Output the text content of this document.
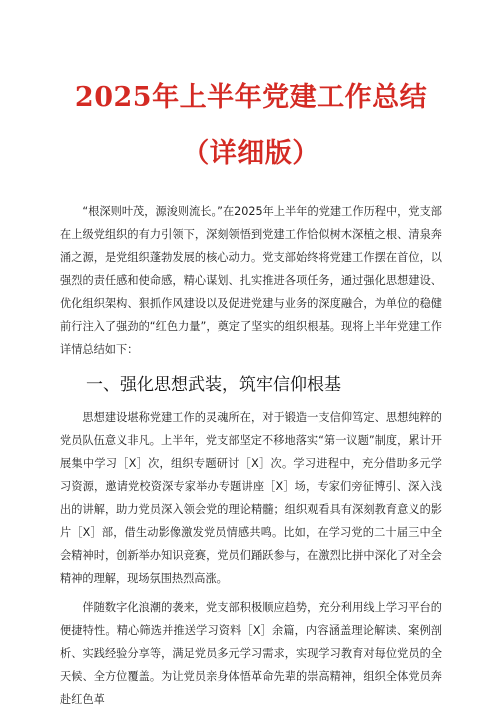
2025年上半年党建工作总结（详细版）

“根深则叶茂，源浚则流长。”在2025年上半年的党建工作历程中，党支部在上级党组织的有力引领下，深刻领悟到党建工作恰似树木深植之根、清泉奔涌之源，是党组织蓬勃发展的核心动力。党支部始终将党建工作摆在首位，以强烈的责任感和使命感，精心谋划、扎实推进各项任务，通过强化思想建设、优化组织架构、狠抓作风建设以及促进党建与业务的深度融合，为单位的稳健前行注入了强劲的“红色力量”，奠定了坚实的组织根基。现将上半年党建工作详情总结如下：

一、强化思想武装，筑牢信仰根基

思想建设堪称党建工作的灵魂所在，对于锻造一支信仰笃定、思想纯粹的党员队伍意义非凡。上半年，党支部坚定不移地落实“第一议题”制度，累计开展集中学习［X］次，组织专题研讨［X］次。学习进程中，充分借助多元学习资源，邀请党校资深专家举办专题讲座［X］场，专家们旁征博引、深入浅出的讲解，助力党员深入领会党的理论精髓；组织观看具有深刻教育意义的影片［X］部，借生动影像激发党员情感共鸣。比如，在学习党的二十届三中全会精神时，创新举办知识竞赛，党员们踊跃参与，在激烈比拼中深化了对全会精神的理解，现场氛围热烈高涨。

伴随数字化浪潮的袭来，党支部积极顺应趋势，充分利用线上学习平台的便捷特性。精心筛选并推送学习资料［X］余篇，内容涵盖理论解读、案例剖析、实践经验分享等，满足党员多元学习需求，实现学习教育对每位党员的全天候、全方位覆盖。为让党员亲身体悟革命先辈的崇高精神，组织全体党员奔赴红色革
